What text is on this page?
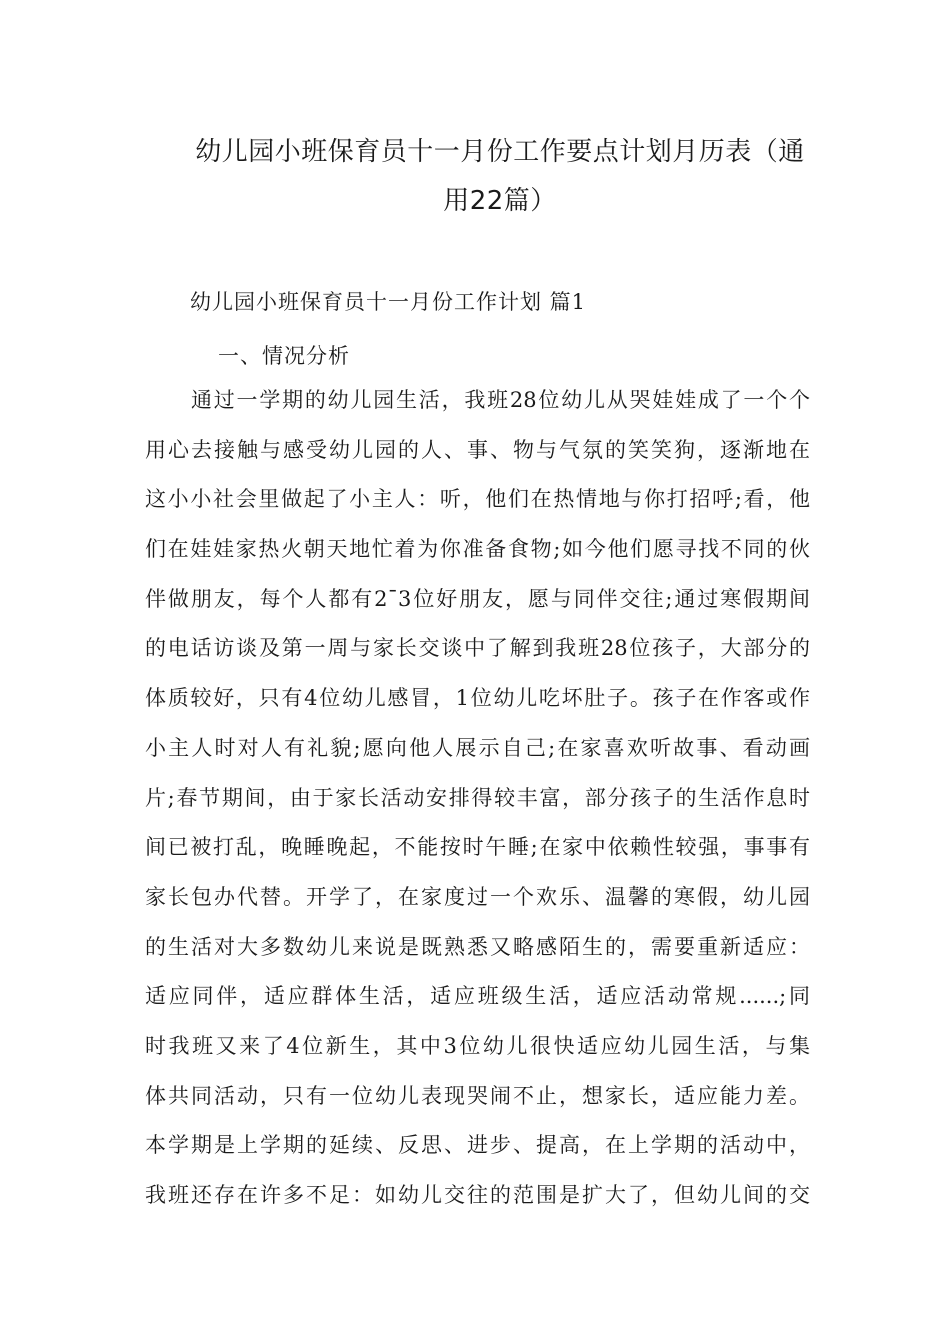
幼儿园小班保育员十一月份工作要点计划月历表（通
用22篇）

幼儿园小班保育员十一月份工作计划 篇1

一、情况分析

通过一学期的幼儿园生活，我班28位幼儿从哭娃娃成了一个个
用心去接触与感受幼儿园的人、事、物与气氛的笑笑狗，逐渐地在
这小小社会里做起了小主人：听，他们在热情地与你打招呼;看，他
们在娃娃家热火朝天地忙着为你准备食物;如今他们愿寻找不同的伙
伴做朋友，每个人都有2¯3位好朋友，愿与同伴交往;通过寒假期间
的电话访谈及第一周与家长交谈中了解到我班28位孩子，大部分的
体质较好，只有4位幼儿感冒，1位幼儿吃坏肚子。孩子在作客或作
小主人时对人有礼貌;愿向他人展示自己;在家喜欢听故事、看动画
片;春节期间，由于家长活动安排得较丰富，部分孩子的生活作息时
间已被打乱，晚睡晚起，不能按时午睡;在家中依赖性较强，事事有
家长包办代替。开学了，在家度过一个欢乐、温馨的寒假，幼儿园
的生活对大多数幼儿来说是既熟悉又略感陌生的，需要重新适应：
适应同伴，适应群体生活，适应班级生活，适应活动常规......;同
时我班又来了4位新生，其中3位幼儿很快适应幼儿园生活，与集
体共同活动，只有一位幼儿表现哭闹不止，想家长，适应能力差。
本学期是上学期的延续、反思、进步、提高，在上学期的活动中，
我班还存在许多不足：如幼儿交往的范围是扩大了，但幼儿间的交
